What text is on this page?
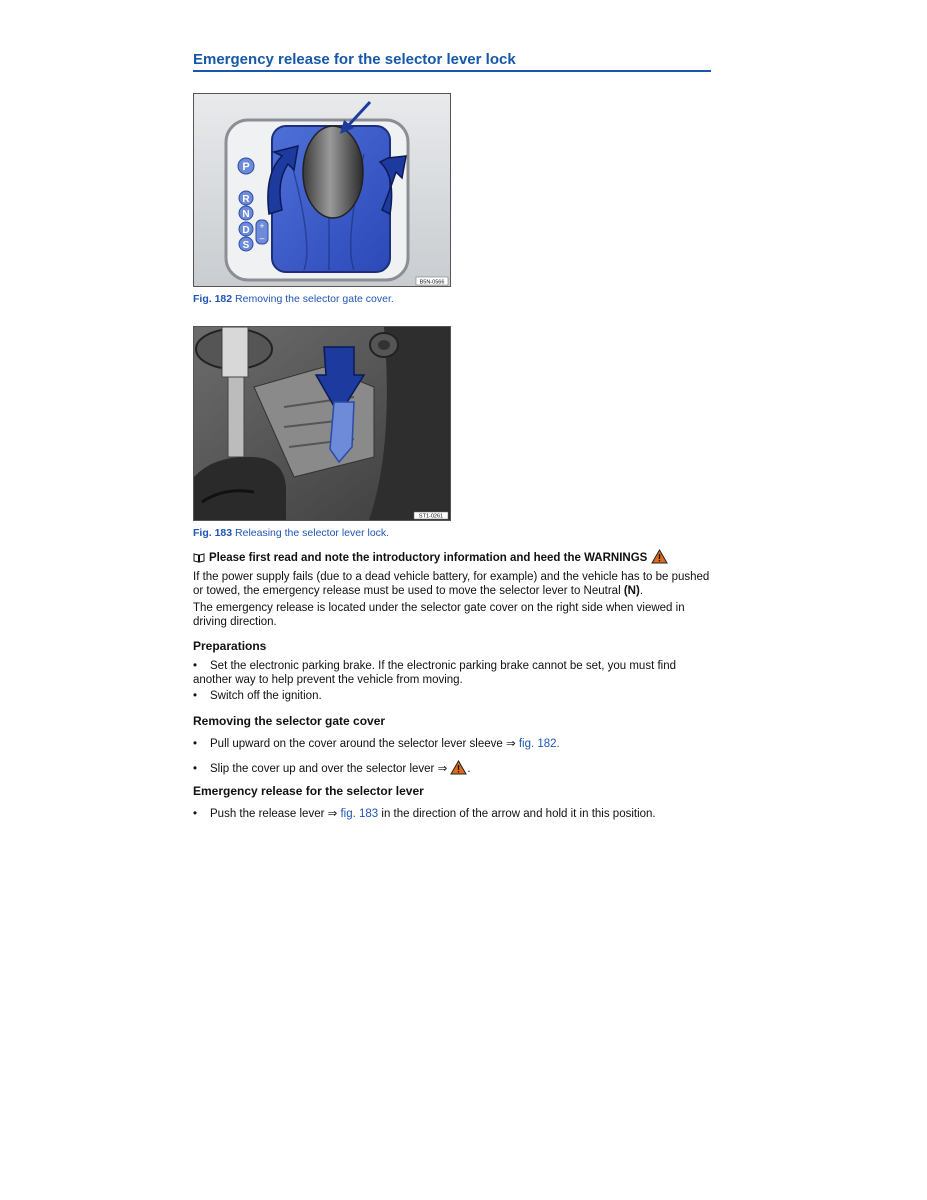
Emergency release for the selector lever lock
P
R
N
D
S
+
–
B5N-0566
Fig. 182 Removing the selector gate cover.
ST1-0261
Fig. 183 Releasing the selector lever lock.
Please first read and note the introductory information and heed the WARNINGS
If the power supply fails (due to a dead vehicle battery, for example) and the vehicle has to be pushed or towed, the emergency release must be used to move the selector lever to Neutral (N).
The emergency release is located under the selector gate cover on the right side when viewed in driving direction.
Preparations
• Set the electronic parking brake. If the electronic parking brake cannot be set, you must find another way to help prevent the vehicle from moving.
• Switch off the ignition.
Removing the selector gate cover
• Pull upward on the cover around the selector lever sleeve ⇒ fig. 182.
• Slip the cover up and over the selector lever ⇒ .
Emergency release for the selector lever
• Push the release lever ⇒ fig. 183 in the direction of the arrow and hold it in this position.
